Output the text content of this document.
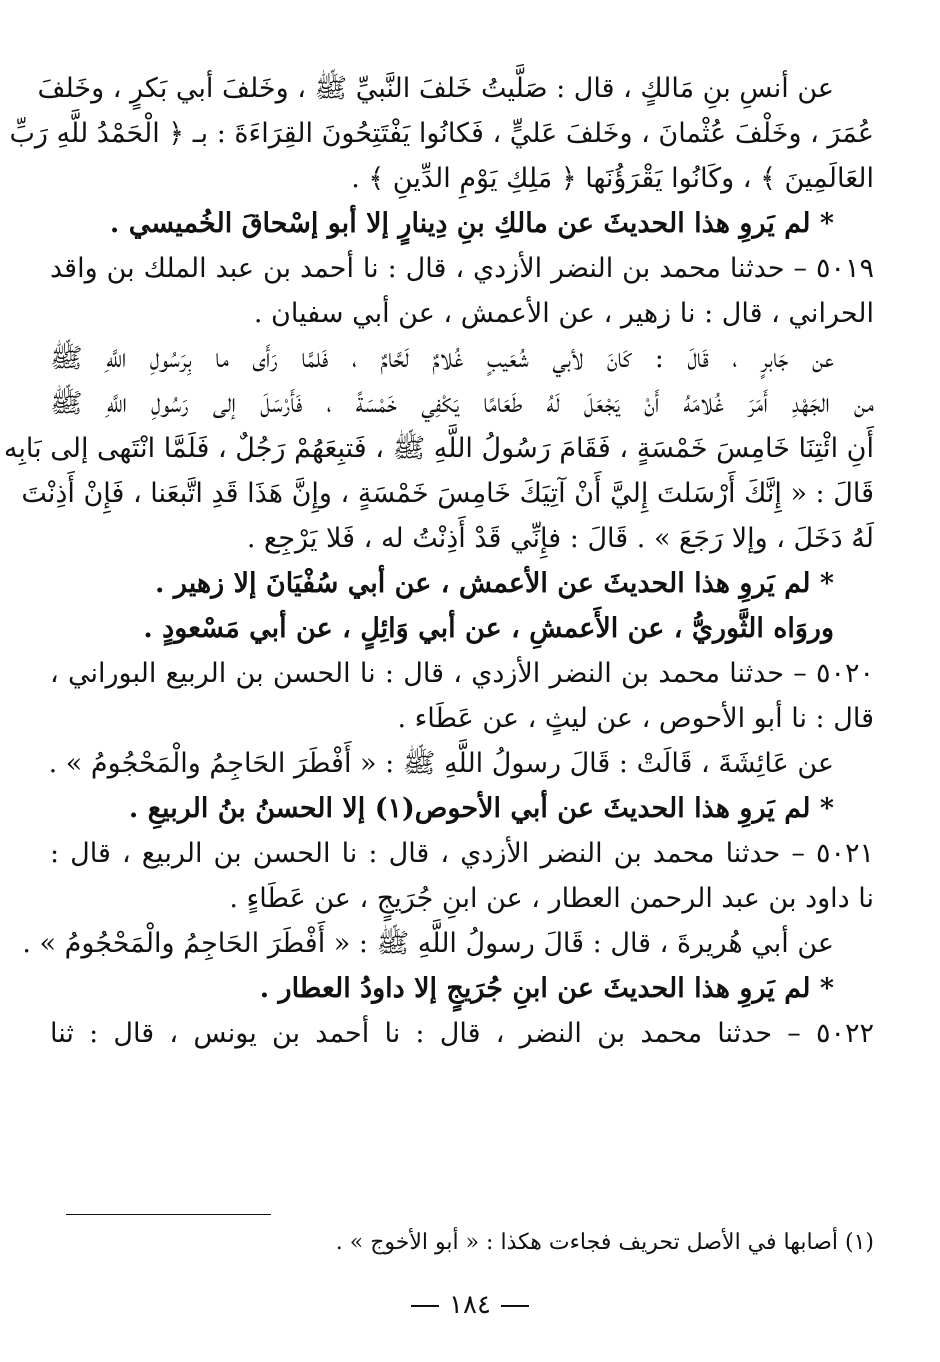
عن أنسِ بنِ مَالكٍ ، قال : صَلَّيتُ خَلفَ النَّبيِّ ﷺ ، وخَلفَ أبي بَكرٍ ، وخَلفَ
عُمَرَ ، وخَلْفَ عُثْمانَ ، وخَلفَ عَليٍّ ، فَكانُوا يَفْتَتِحُونَ القِرَاءَةَ : بـ ﴿ الْحَمْدُ للَّهِ رَبِّ
العَالَمِينَ ﴾ ، وكَانُوا يَقْرَؤُنَها ﴿ مَلِكِ يَوْمِ الدِّينِ ﴾ .
* لم يَروِ هذا الحديثَ عن مالكِ بنِ دِينارٍ إلا أبو إسْحاقَ الخُميسي .
٥٠١٩ – حدثنا محمد بن النضر الأزدي ، قال : نا أحمد بن عبد الملك بن واقد
الحراني ، قال : نا زهير ، عن الأعمش ، عن أبي سفيان .
عن جَابرٍ ، قَالَ : كَانَ لأبي شُعَيبٍ غُلامٌ لَحَّامٌ ، فَلمَّا رَأَى ما بِرَسُولِ اللَّهِ ﷺ
من الجَهْدِ أَمَرَ غُلامَهُ أَنْ يَجْعَلَ لَهُ طَعَامًا يَكْفِي خَمْسَةً ، فَأَرْسَلَ إلى رَسُولِ اللَّهِ ﷺ
أَنِ ائْتِنَا خَامِسَ خَمْسَةٍ ، فَقَامَ رَسُولُ اللَّهِ ﷺ ، فَتبِعَهُمْ رَجُلٌ ، فَلَمَّا انْتَهى إلى بَابِه
قَالَ : « إِنَّكَ أَرْسَلتَ إِليَّ أَنْ آتِيَكَ خَامِسَ خَمْسَةٍ ، وإِنَّ هَذَا قَدِ اتَّبعَنا ، فَإِنْ أَذِنْتَ
لَهُ دَخَلَ ، وإلا رَجَعَ » . قَالَ : فإِنِّي قَدْ أَذِنْتُ له ، فَلا يَرْجِع .
* لم يَروِ هذا الحديثَ عن الأعمش ، عن أبي سُفْيَانَ إلا زهير .
وروَاه الثَّوريُّ ، عن الأَعمشِ ، عن أبي وَائِلٍ ، عن أبي مَسْعودٍ .
٥٠٢٠ – حدثنا محمد بن النضر الأزدي ، قال : نا الحسن بن الربيع البوراني ،
قال : نا أبو الأحوص ، عن ليثٍ ، عن عَطَاء .
عن عَائِشَةَ ، قَالَتْ : قَالَ رسولُ اللَّهِ ﷺ : « أَفْطَرَ الحَاجِمُ والْمَحْجُومُ » .
* لم يَروِ هذا الحديثَ عن أبي الأحوص(١) إلا الحسنُ بنُ الربيعِ .
٥٠٢١ – حدثنا محمد بن النضر الأزدي ، قال : نا الحسن بن الربيع ، قال :
نا داود بن عبد الرحمن العطار ، عن ابنِ جُرَيجٍ ، عن عَطَاءٍ .
عن أبي هُريرةَ ، قال : قَالَ رسولُ اللَّهِ ﷺ : « أَفْطَرَ الحَاجِمُ والْمَحْجُومُ » .
* لم يَروِ هذا الحديثَ عن ابنِ جُرَيجٍ إلا داودُ العطار .
٥٠٢٢ – حدثنا محمد بن النضر ، قال : نا أحمد بن يونس ، قال : ثنا
(١) أصابها في الأصل تحريف فجاءت هكذا : « أبو الأخوج » .
١٨٤
